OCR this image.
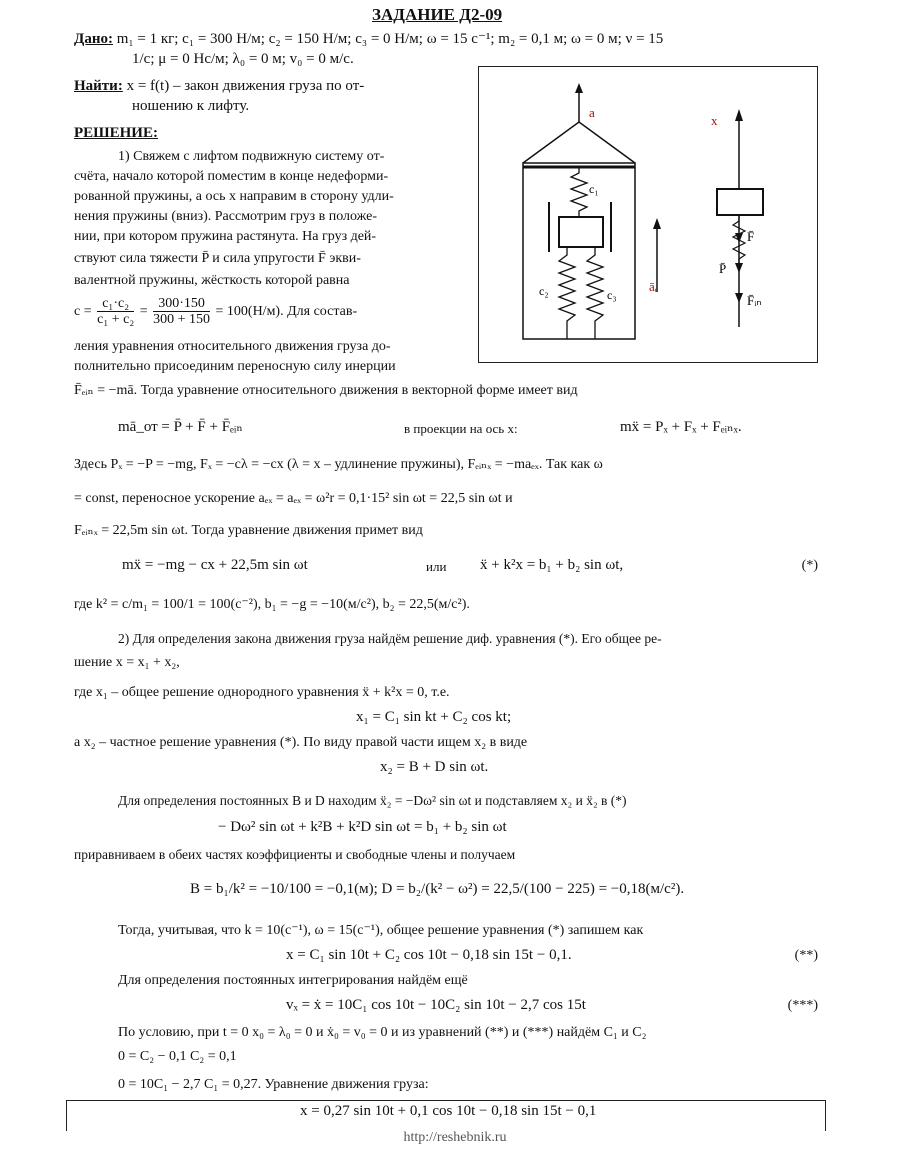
ЗАДАНИЕ Д2-09
Дано: m₁ = 1 кг; c₁ = 300 Н/м; c₂ = 150 Н/м; c₃ = 0 Н/м; ω = 15 с⁻¹; m₂ = 0,1 м; ω = 0 м; ν = 15
1/с; μ = 0 Нс/м; λ₀ = 0 м; v₀ = 0 м/с.
Найти: x = f(t) – закон движения груза по от-
ношению к лифту.
РЕШЕНИЕ:
1) Свяжем с лифтом подвижную систему от-
счёта, начало которой поместим в конце недеформи-
рованной пружины, а ось x направим в сторону удли-
нения пружины (вниз). Рассмотрим груз в положе-
нии, при котором пружина растянута. На груз дей-
ствуют сила тяжести P̄ и сила упругости F̄ экви-
валентной пружины, жёсткость которой равна
$c = \frac{\text{c₁·c₂}}{\text{c₁ + c₂}} = \frac{300\cdot 150}{300 + 150} = 100(Н/м)$. Для состав-
ления уравнения относительного движения груза до-
полнительно присоединим переносную силу инерции
F̄ₑᵢₙ = −mā. Тогда уравнение относительного движения в векторной форме имеет вид
a
x
c₁
c₂	c₃
āₑ
F̄
P̄
F̄ᵢₙ
mā_от = P̄ + F̄ + F̄ₑᵢₙ	в проекции на ось x:	mẍ = Pₓ + Fₓ + Fₑᵢₙₓ.
Здесь Pₓ = −P = −mg, Fₓ = −cλ = −cx (λ = x – удлинение пружины), Fₑᵢₙₓ = −maₑₓ. Так как ω
= const, переносное ускорение aₑₓ = aₑₓ = ω²r = 0,1·15² sin ωt = 22,5 sin ωt и
Fₑᵢₙₓ = 22,5m sin ωt. Тогда уравнение движения примет вид
mẍ = −mg − cx + 22,5m sin ωt	или ẍ + k²x = b₁ + b₂ sin ωt,	(*)
где k² = c/m₁ = 100/1 = 100(с⁻²), b₁ = −g = −10(м/с²), b₂ = 22,5(м/с²).
2) Для определения закона движения груза найдём решение диф. уравнения (*). Его общее ре-
шение x = x₁ + x₂,
где x₁ – общее решение однородного уравнения ẍ + k²x = 0, т.е.
x₁ = C₁ sin kt + C₂ cos kt;
а x₂ – частное решение уравнения (*). По виду правой части ищем x₂ в виде
x₂ = B + D sin ωt.
Для определения постоянных B и D находим ẍ₂ = −Dω² sin ωt и подставляем x₂ и ẍ₂ в (*)
− Dω² sin ωt + k²B + k²D sin ωt = b₁ + b₂ sin ωt
приравниваем в обеих частях коэффициенты и свободные члены и получаем
B = b₁/k² = −10/100 = −0,1(м); D = b₂/(k² − ω²) = 22,5/(100 − 225) = −0,18(м/с²).
Тогда, учитывая, что k = 10(с⁻¹), ω = 15(с⁻¹), общее решение уравнения (*) запишем как
x = C₁ sin 10t + C₂ cos 10t − 0,18 sin 15t − 0,1.	(**)
Для определения постоянных интегрирования найдём ещё
vₓ = ẋ = 10C₁ cos 10t − 10C₂ sin 10t − 2,7 cos 15t	(***)
По условию, при t = 0 x₀ = λ₀ = 0 и ẋ₀ = v₀ = 0 и из уравнений (**) и (***) найдём C₁ и C₂
0 = C₂ − 0,1 C₂ = 0,1
0 = 10C₁ − 2,7 C₁ = 0,27. Уравнение движения груза:
x = 0,27 sin 10t + 0,1 cos 10t − 0,18 sin 15t − 0,1
http://reshebnik.ru
